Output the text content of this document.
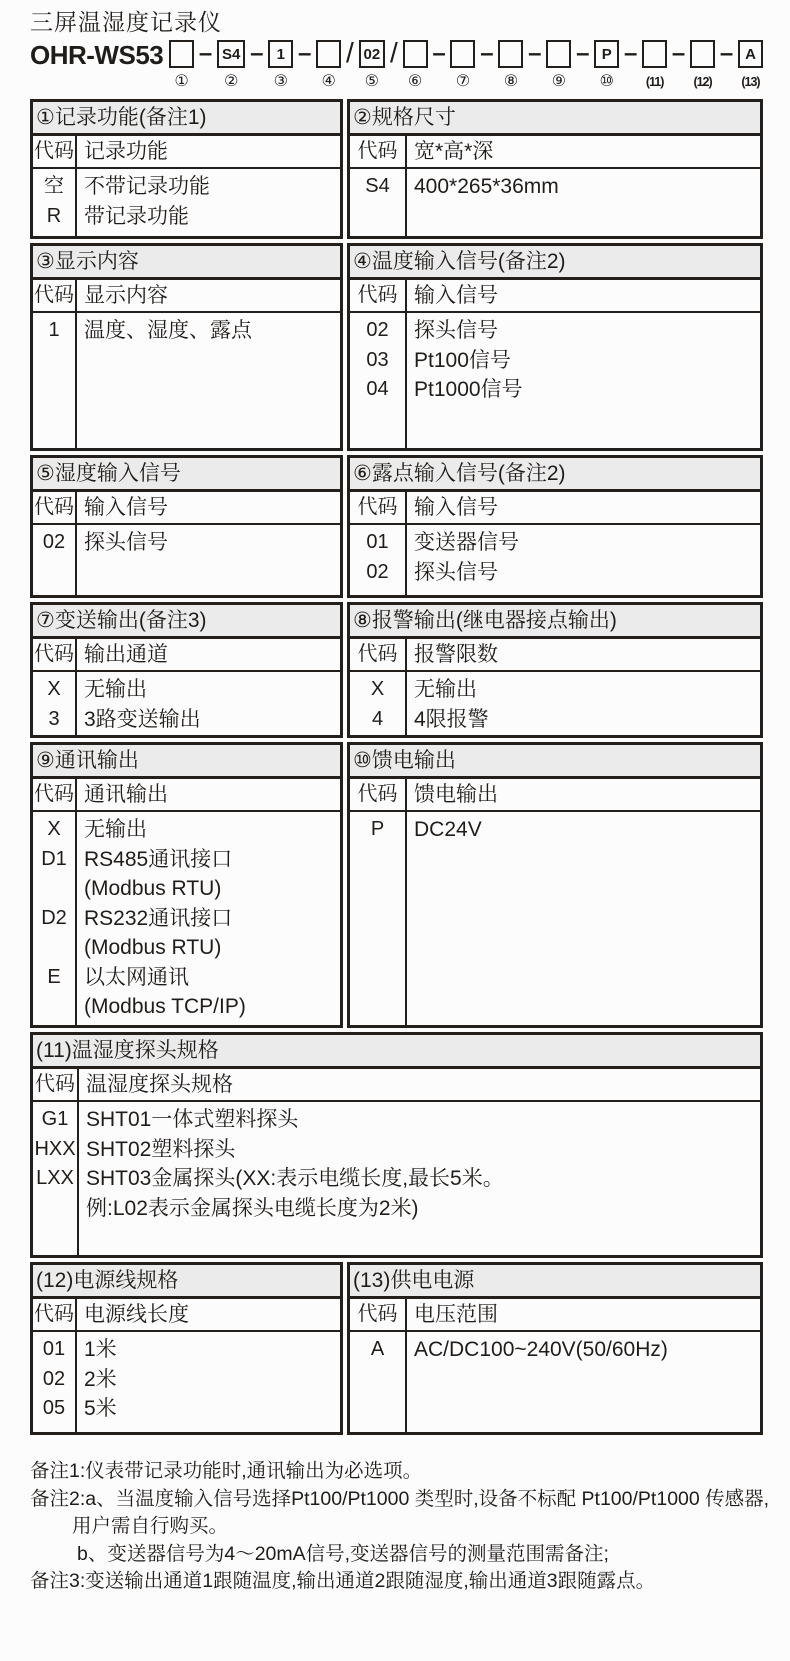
三屏温湿度记录仪
OHR-WS53
①
– S4
②
– 1
③
–
④
/ 02
⑤
/
⑥
–
⑦
–
⑧
–
⑨
– P
⑩
–
(11)
–
(12)
– A
(13)
①记录功能(备注1)
代码 记录功能
空 不带记录功能
R	带记录功能
②规格尺寸
代码 宽*高*深
S4	400*265*36mm
③显示内容
代码 显示内容
1	温度、湿度、露点
④温度输入信号(备注2)
代码 输入信号
02	探头信号
03	Pt100信号
04	Pt1000信号
⑤湿度输入信号
代码 输入信号
02 探头信号
⑥露点输入信号(备注2)
代码 输入信号
01	变送器信号
02	探头信号
⑦变送输出(备注3)
代码 输出通道
X	无输出
3	3路变送输出
⑧报警输出(继电器接点输出)
代码 报警限数
X	无输出
4	4限报警
⑨通讯输出
代码 通讯输出
X	无输出
D1 RS485通讯接口
(Modbus RTU)
D2 RS232通讯接口
(Modbus RTU)
E	以太网通讯
(Modbus TCP/IP)
⑩馈电输出
代码 馈电输出
P	DC24V
(11)温湿度探头规格
代码 温湿度探头规格
G1 SHT01一体式塑料探头
HXX SHT02塑料探头
LXX SHT03金属探头(XX:表示电缆长度,最长5米。
例:L02表示金属探头电缆长度为2米)
(12)电源线规格
代码 电源线长度
01 1米
02 2米
05 5米
(13)供电电源
代码 电压范围
A	AC/DC100~240V(50/60Hz)
备注1:仪表带记录功能时,通讯输出为必选项。
备注2:a、当温度输入信号选择Pt100/Pt1000 类型时,设备不标配 Pt100/Pt1000 传感器,
用户需自行购买。
b、变送器信号为4～20mA信号,变送器信号的测量范围需备注;
备注3:变送输出通道1跟随温度,输出通道2跟随湿度,输出通道3跟随露点。
